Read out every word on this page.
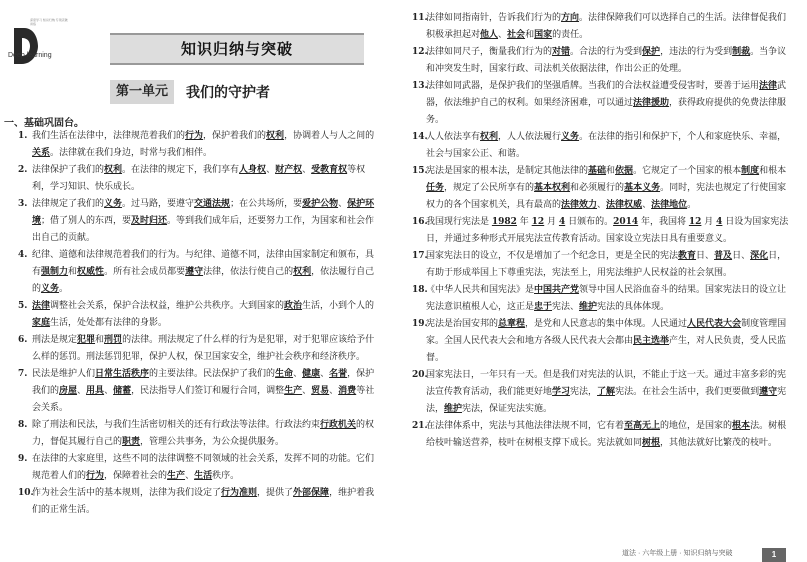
深度学习 知识归纳 专项突破 训练
Deep learning	知识归纳与突破
第一单元	我们的守护者
一、基础巩固台。

1. 我们生活在法律中，法律规范着我们的行为，保护着我们的权利，协调着人与人之间的关系。法律就在我们身边，时常与我们相伴。

2. 法律保护了我们的权利。在法律的规定下，我们享有人身权、财产权、受教育权等权利，学习知识、快乐成长。

3. 法律规定了我们的义务。过马路，要遵守交通法规；在公共场所，要爱护公物、保护环境；借了别人的东西，要及时归还。等到我们成年后，还要努力工作，为国家和社会作出自己的贡献。

4. 纪律、道德和法律规范着我们的行为。与纪律、道德不同，法律由国家制定和颁布，具有强制力和权威性。所有社会成员都要遵守法律，依法行使自己的权利，依法履行自己的义务。

5. 法律调整社会关系，保护合法权益，维护公共秩序。大到国家的政治生活，小到个人的家庭生活，处处都有法律的身影。

6. 刑法是规定犯罪和刑罚的法律。刑法规定了什么样的行为是犯罪，对于犯罪应该给予什么样的惩罚。刑法惩罚犯罪，保护人权，保卫国家安全，维护社会秩序和经济秩序。

7. 民法是维护人们日常生活秩序的主要法律。民法保护了我们的生命、健康、名誉，保护我们的房屋、用具、储蓄，民法指导人们签订和履行合同，调整生产、贸易、消费等社会关系。

8. 除了刑法和民法，与我们生活密切相关的还有行政法等法律。行政法约束行政机关的权力，督促其履行自己的职责，管理公共事务，为公众提供服务。

9. 在法律的大家庭里，这些不同的法律调整不同领域的社会关系，发挥不同的功能。它们规范着人们的行为，保障着社会的生产、生活秩序。

10.
作为社会生活中的基本规则，法律为我们设定了行为准则，提供了外部保障，维护着我们的正常生活。

11.
法律如同指南针，告诉我们行为的方向。法律保障我们可以选择自己的生活。法律督促我们积极承担起对他人、社会和国家的责任。

12.
法律如同尺子，衡量我们行为的对错。合法的行为受到保护，违法的行为受到制裁。当争议和冲突发生时，国家行政、司法机关依据法律，作出公正的处理。

13.
法律如同武器，是保护我们的坚强盾牌。当我们的合法权益遭受侵害时，要善于运用法律武器，依法维护自己的权利。如果经济困难，可以通过法律援助，获得政府提供的免费法律服务。

14.
人人依法享有权利，人人依法履行义务。在法律的指引和保护下，个人和家庭快乐、幸福，社会与国家公正、和谐。

15.
宪法是国家的根本法，是制定其他法律的基础和依据。它规定了一个国家的根本制度和根本任务，规定了公民所享有的基本权利和必须履行的基本义务。同时，宪法也规定了行使国家权力的各个国家机关，具有最高的法律效力、法律权威、法律地位。

16.
我国现行宪法是 1982 年 12 月 4 日颁布的。2014 年，我国将 12 月 4 日设为国家宪法日，并通过多种形式开展宪法宣传教育活动。国家设立宪法日具有重要意义。

17.
国家宪法日的设立，不仅是增加了一个纪念日，更是全民的宪法教育日、普及日、深化日，有助于形成举国上下尊重宪法，宪法至上，用宪法维护人民权益的社会氛围。

18.
《中华人民共和国宪法》是中国共产党领导中国人民浴血奋斗的结果。国家宪法日的设立让宪法意识植根人心，这正是忠于宪法、维护宪法的具体体现。

19.
宪法是治国安邦的总章程，是党和人民意志的集中体现。人民通过人民代表大会制度管理国家。全国人民代表大会和地方各级人民代表大会都由民主选举产生，对人民负责，受人民监督。

20.
国家宪法日，一年只有一天。但是我们对宪法的认识，不能止于这一天。通过丰富多彩的宪法宣传教育活动，我们能更好地学习宪法，了解宪法。在社会生活中，我们更要做到遵守宪法，维护宪法，保证宪法实施。

21.
在法律体系中，宪法与其他法律法规不同，它有着至高无上的地位，是国家的根本法。树根给枝叶输送营养，枝叶在树根支撑下成长。宪法就如同树根，其他法就好比繁茂的枝叶。

道法 · 六年级上册 · 知识归纳与突破	1
